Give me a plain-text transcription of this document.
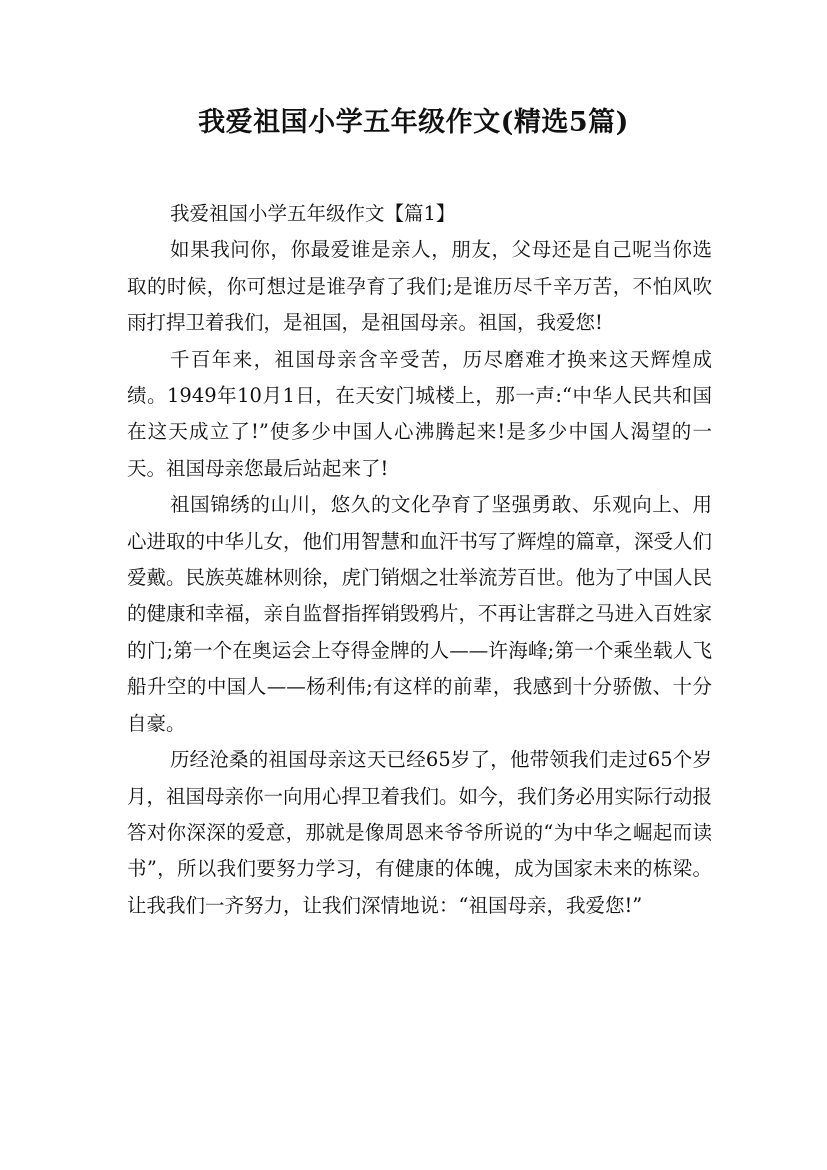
我爱祖国小学五年级作文(精选5篇)

我爱祖国小学五年级作文【篇1】

如果我问你，你最爱谁是亲人，朋友，父母还是自己呢当你选取的时候，你可想过是谁孕育了我们;是谁历尽千辛万苦，不怕风吹雨打捍卫着我们，是祖国，是祖国母亲。祖国，我爱您!

千百年来，祖国母亲含辛受苦，历尽磨难才换来这天辉煌成绩。1949年10月1日，在天安门城楼上，那一声:“中华人民共和国在这天成立了!”使多少中国人心沸腾起来!是多少中国人渴望的一天。祖国母亲您最后站起来了!

祖国锦绣的山川，悠久的文化孕育了坚强勇敢、乐观向上、用心进取的中华儿女，他们用智慧和血汗书写了辉煌的篇章，深受人们爱戴。民族英雄林则徐，虎门销烟之壮举流芳百世。他为了中国人民的健康和幸福，亲自监督指挥销毁鸦片，不再让害群之马进入百姓家的门;第一个在奥运会上夺得金牌的人——许海峰;第一个乘坐载人飞船升空的中国人——杨利伟;有这样的前辈，我感到十分骄傲、十分自豪。

历经沧桑的祖国母亲这天已经65岁了，他带领我们走过65个岁月，祖国母亲你一向用心捍卫着我们。如今，我们务必用实际行动报答对你深深的爱意，那就是像周恩来爷爷所说的“为中华之崛起而读书”，所以我们要努力学习，有健康的体魄，成为国家未来的栋梁。让我我们一齐努力，让我们深情地说：“祖国母亲，我爱您!”
